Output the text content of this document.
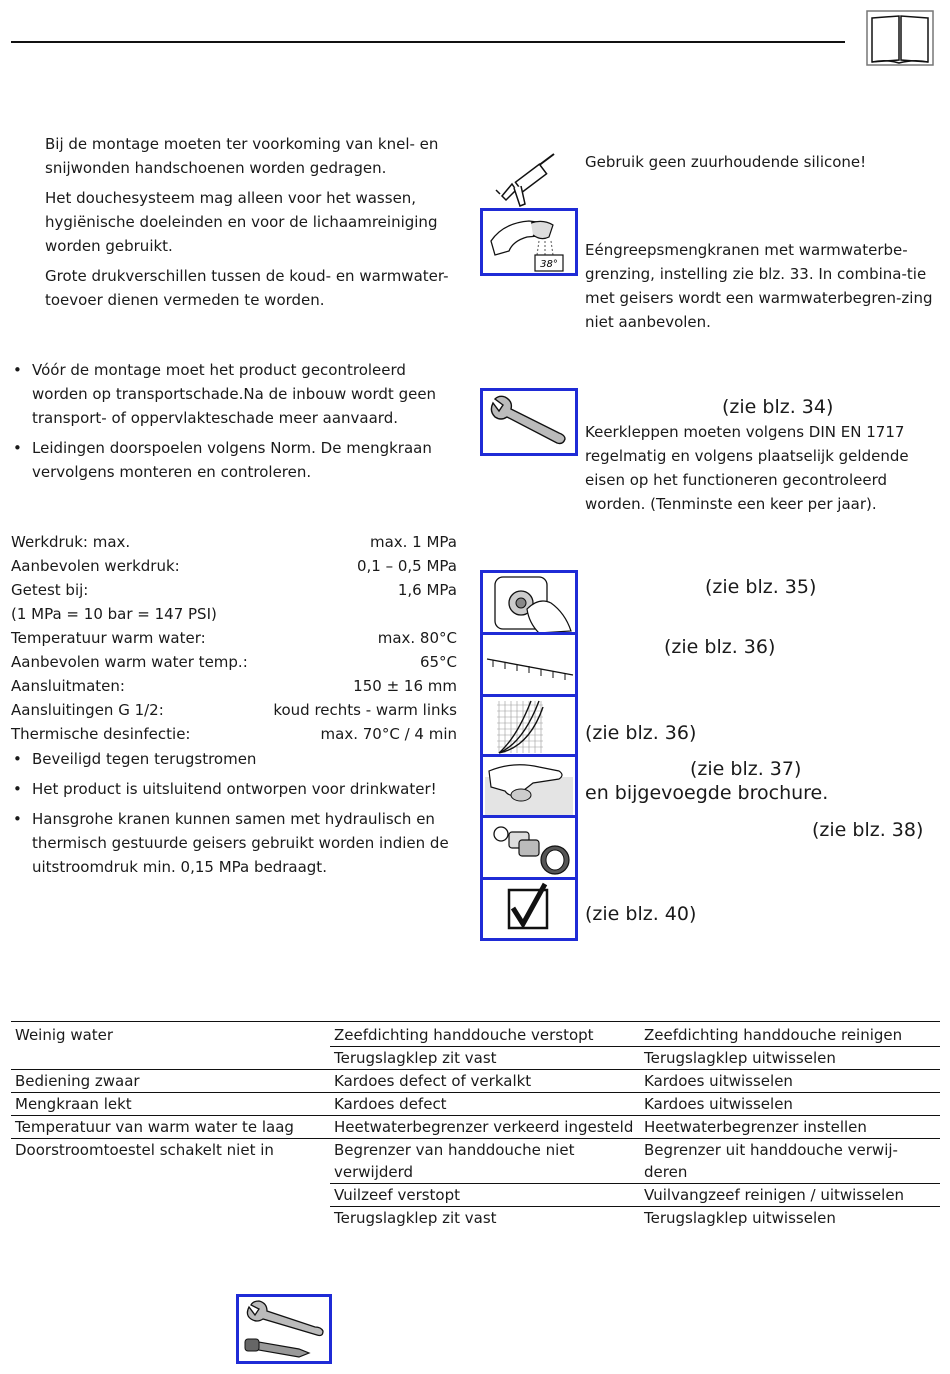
Bij de montage moeten ter voorkoming van knel- en snijwonden handschoenen worden gedragen.

Het douchesysteem mag alleen voor het wassen, hygiënische doeleinden en voor de lichaamreiniging worden gebruikt.

Grote drukverschillen tussen de koud- en warmwater-toevoer dienen vermeden te worden.

• Vóór de montage moet het product gecontroleerd worden op transportschade.Na de inbouw wordt geen transport- of oppervlakteschade meer aanvaard.
• Leidingen doorspoelen volgens Norm. De mengkraan vervolgens monteren en controleren.
Werkdruk: max.	max. 1 MPa
Aanbevolen werkdruk:	0,1 – 0,5 MPa
Getest bij:	1,6 MPa
(1 MPa = 10 bar = 147 PSI)
Temperatuur warm water:	max. 80°C
Aanbevolen warm water temp.:	65°C
Aansluitmaten:	150 ± 16 mm
Aansluitingen G 1/2:	koud rechts - warm links
Thermische desinfectie:	max. 70°C / 4 min
• Beveiligd tegen terugstromen
• Het product is uitsluitend ontworpen voor drinkwater!
• Hansgrohe kranen kunnen samen met hydraulisch en thermisch gestuurde geisers gebruikt worden indien de uitstroomdruk min. 0,15 MPa bedraagt.
38°
Gebruik geen zuurhoudende silicone!
Eéngreepsmengkranen met warmwaterbe-grenzing, instelling zie blz. 33. In combina-tie met geisers wordt een warmwaterbegren-zing niet aanbevolen.
(zie blz. 34)
Keerkleppen moeten volgens DIN EN 1717 regelmatig en volgens plaatselijk geldende eisen op het functioneren gecontroleerd worden. (Tenminste een keer per jaar).
(zie blz. 35)
(zie blz. 36)
(zie blz. 36)
(zie blz. 37)
en bijgevoegde brochure.
(zie blz. 38)
(zie blz. 40)
Weinig water	Zeefdichting handdouche verstopt	Zeefdichting handdouche reinigen
	Terugslagklep zit vast	Terugslagklep uitwisselen
Bediening zwaar	Kardoes defect of verkalkt	Kardoes uitwisselen
Mengkraan lekt	Kardoes defect	Kardoes uitwisselen
Temperatuur van warm water te laag	Heetwaterbegrenzer verkeerd ingesteld	Heetwaterbegrenzer instellen
Doorstroomtoestel schakelt niet in	Begrenzer van handdouche niet verwijderd	Begrenzer uit handdouche verwij-deren
	Vuilzeef verstopt	Vuilvangzeef reinigen / uitwisselen
	Terugslagklep zit vast	Terugslagklep uitwisselen
